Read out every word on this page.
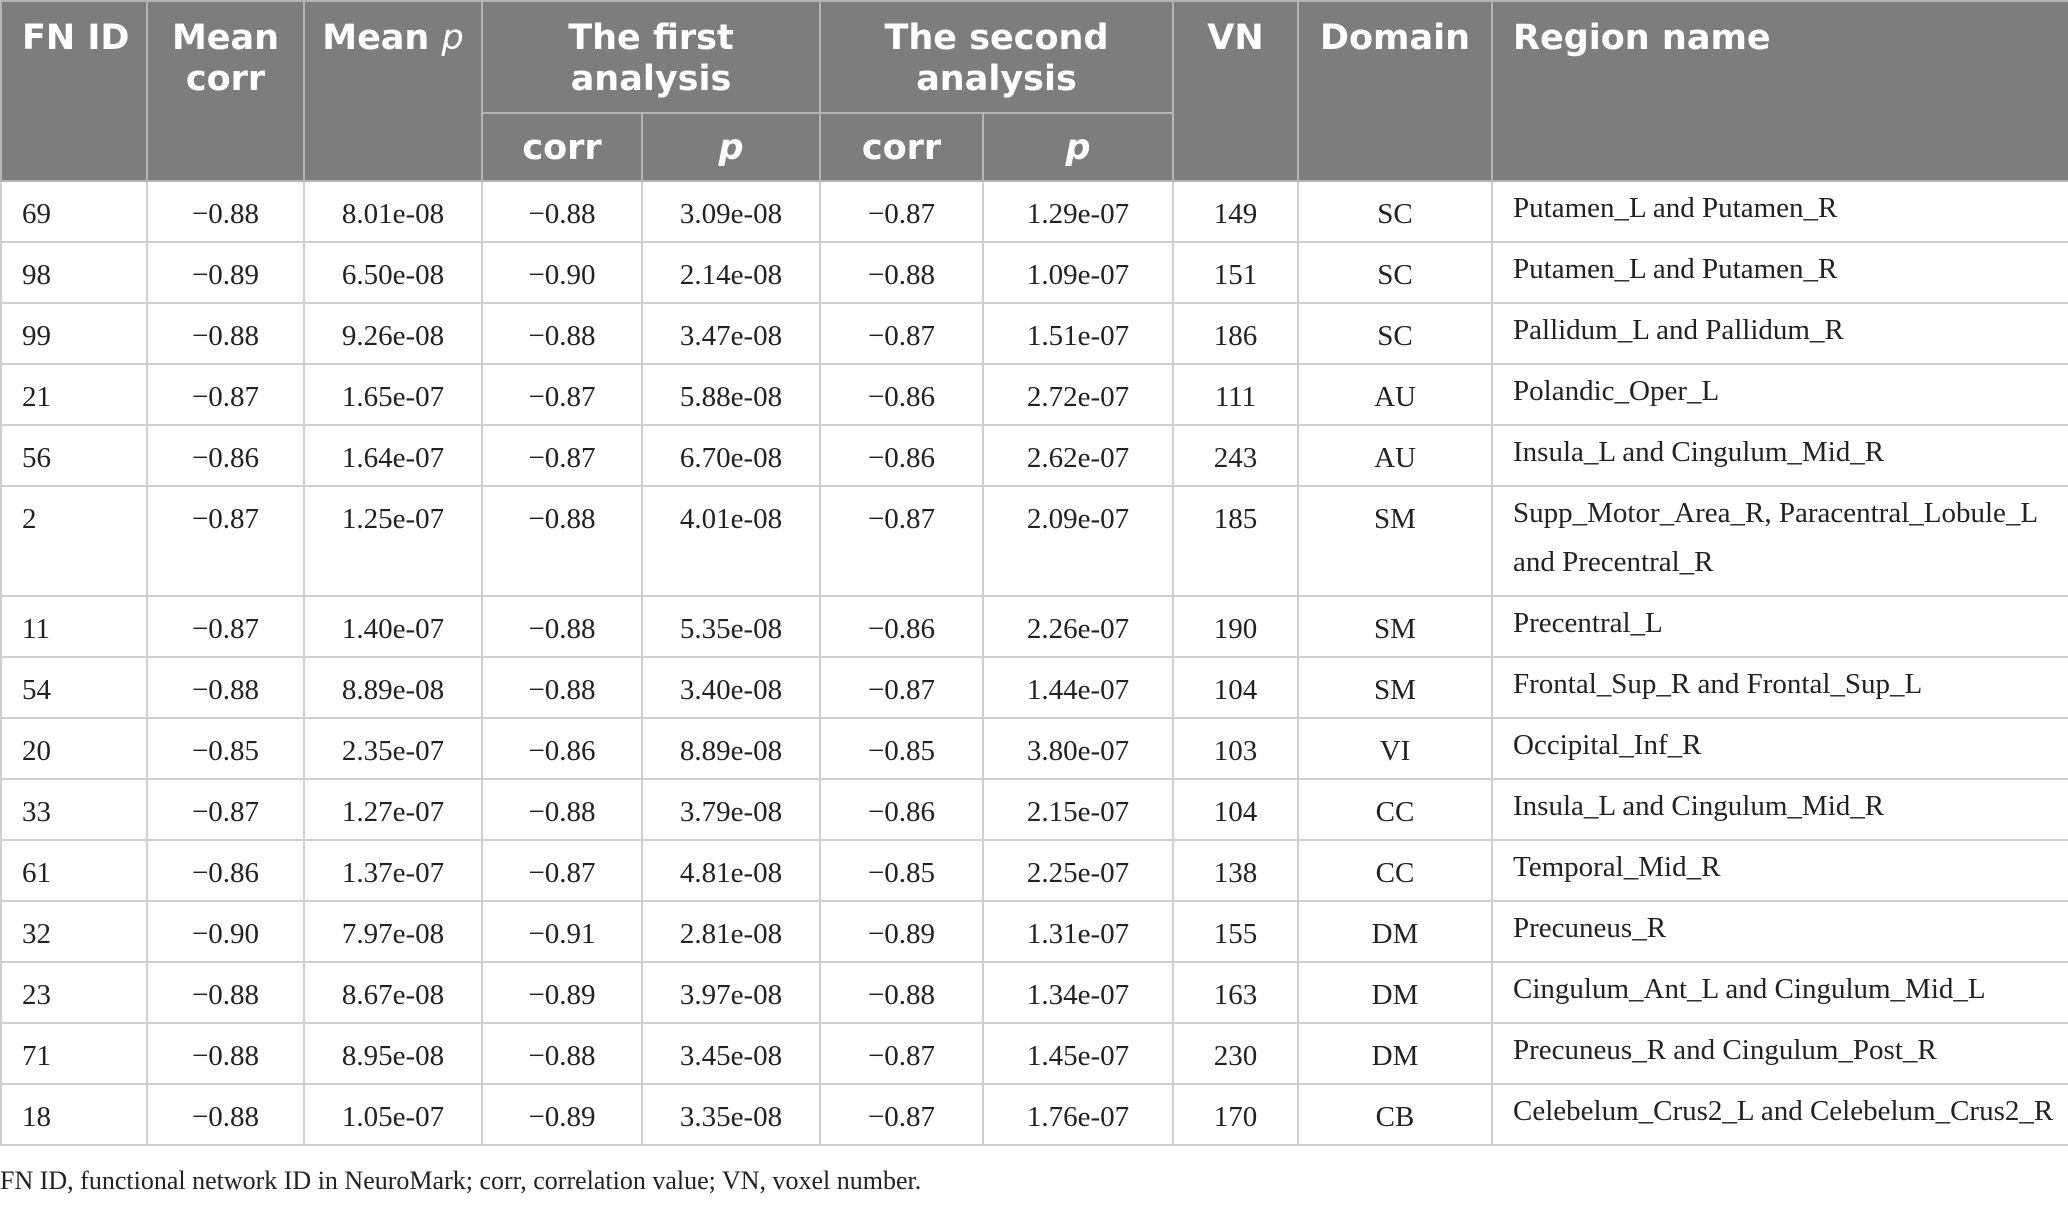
FN ID	Mean corr	Mean p	The first analysis		The second analysis		VN	Domain	Region name
			corr	p	corr	p			
69	−0.88	8.01e-08	−0.88	3.09e-08	−0.87	1.29e-07	149	SC	Putamen_L and Putamen_R
98	−0.89	6.50e-08	−0.90	2.14e-08	−0.88	1.09e-07	151	SC	Putamen_L and Putamen_R
99	−0.88	9.26e-08	−0.88	3.47e-08	−0.87	1.51e-07	186	SC	Pallidum_L and Pallidum_R
21	−0.87	1.65e-07	−0.87	5.88e-08	−0.86	2.72e-07	111	AU	Polandic_Oper_L
56	−0.86	1.64e-07	−0.87	6.70e-08	−0.86	2.62e-07	243	AU	Insula_L and Cingulum_Mid_R
2	−0.87	1.25e-07	−0.88	4.01e-08	−0.87	2.09e-07	185	SM	Supp_Motor_Area_R, Paracentral_Lobule_L and Precentral_R
11	−0.87	1.40e-07	−0.88	5.35e-08	−0.86	2.26e-07	190	SM	Precentral_L
54	−0.88	8.89e-08	−0.88	3.40e-08	−0.87	1.44e-07	104	SM	Frontal_Sup_R and Frontal_Sup_L
20	−0.85	2.35e-07	−0.86	8.89e-08	−0.85	3.80e-07	103	VI	Occipital_Inf_R
33	−0.87	1.27e-07	−0.88	3.79e-08	−0.86	2.15e-07	104	CC	Insula_L and Cingulum_Mid_R
61	−0.86	1.37e-07	−0.87	4.81e-08	−0.85	2.25e-07	138	CC	Temporal_Mid_R
32	−0.90	7.97e-08	−0.91	2.81e-08	−0.89	1.31e-07	155	DM	Precuneus_R
23	−0.88	8.67e-08	−0.89	3.97e-08	−0.88	1.34e-07	163	DM	Cingulum_Ant_L and Cingulum_Mid_L
71	−0.88	8.95e-08	−0.88	3.45e-08	−0.87	1.45e-07	230	DM	Precuneus_R and Cingulum_Post_R
18	−0.88	1.05e-07	−0.89	3.35e-08	−0.87	1.76e-07	170	CB	Celebelum_Crus2_L and Celebelum_Crus2_R
FN ID, functional network ID in NeuroMark; corr, correlation value; VN, voxel number.
